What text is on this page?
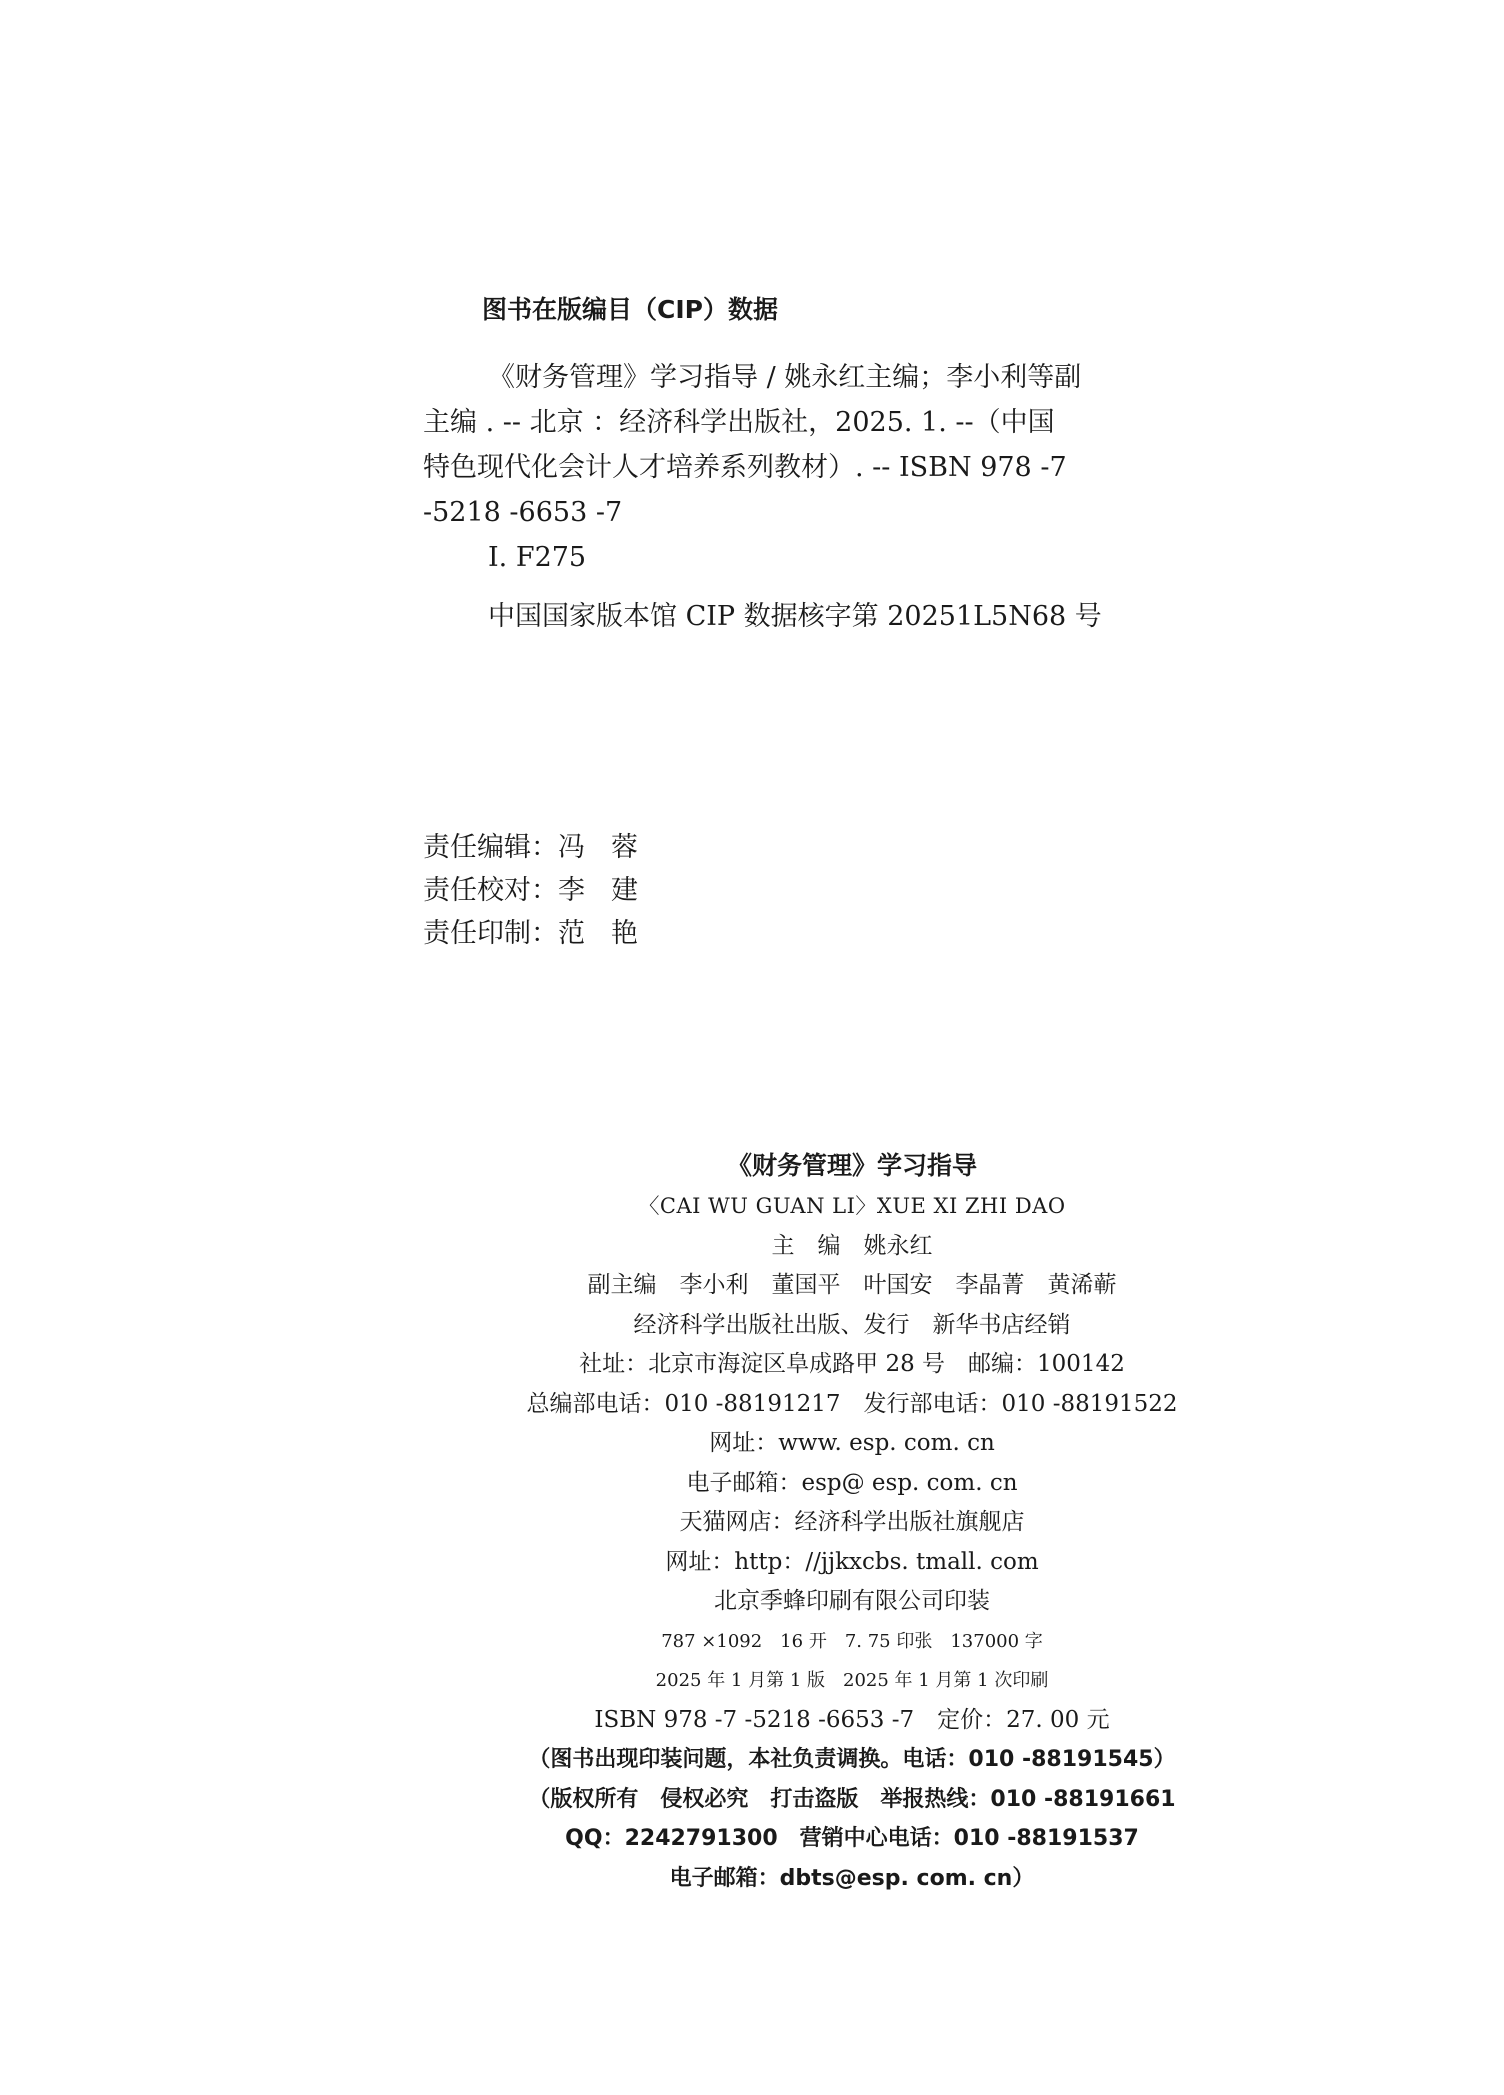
图书在版编目（CIP）数据
《财务管理》学习指导 / 姚永红主编；李小利等副
主编 . -- 北京 ：经济科学出版社，2025. 1. --（中国
特色现代化会计人才培养系列教材）. -- ISBN 978 -7
-5218 -6653 -7
Ⅰ. F275
中国国家版本馆 CIP 数据核字第 20251L5N68 号
责任编辑：冯蓉
责任校对：李建
责任印制：范艳
《财务管理》学习指导
〈CAI WU GUAN LI〉XUE XI ZHI DAO
主　编　姚永红
副主编　李小利　董国平　叶国安　李晶菁　黄浠蕲
经济科学出版社出版、发行　新华书店经销
社址：北京市海淀区阜成路甲 28 号　邮编：100142
总编部电话：010 -88191217　发行部电话：010 -88191522
网址：www. esp. com. cn
电子邮箱：esp@ esp. com. cn
天猫网店：经济科学出版社旗舰店
网址：http：//jjkxcbs. tmall. com
北京季蜂印刷有限公司印装
787 ×1092　16 开　7. 75 印张　137000 字
2025 年 1 月第 1 版　2025 年 1 月第 1 次印刷
ISBN 978 -7 -5218 -6653 -7　定价：27. 00 元
（图书出现印装问题，本社负责调换。电话：010 -88191545）
（版权所有　侵权必究　打击盗版　举报热线：010 -88191661
QQ：2242791300　营销中心电话：010 -88191537
电子邮箱：dbts@esp. com. cn）
